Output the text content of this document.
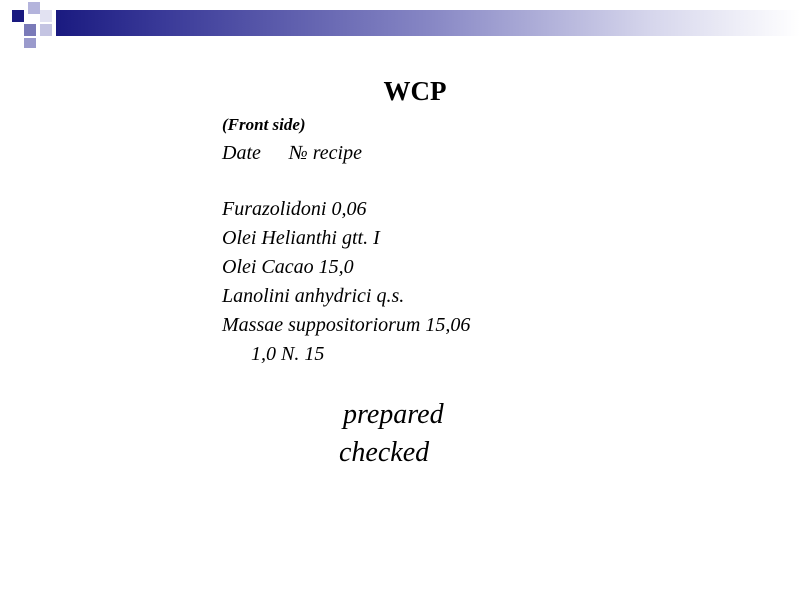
WCP
(Front side)
Date № recipe
Furazolidoni 0,06
Olei Helianthi gtt. I
Olei Cacao 15,0
Lanolini anhydrici q.s.
Massae suppositoriorum 15,06
1,0 N. 15
prepared
checked
